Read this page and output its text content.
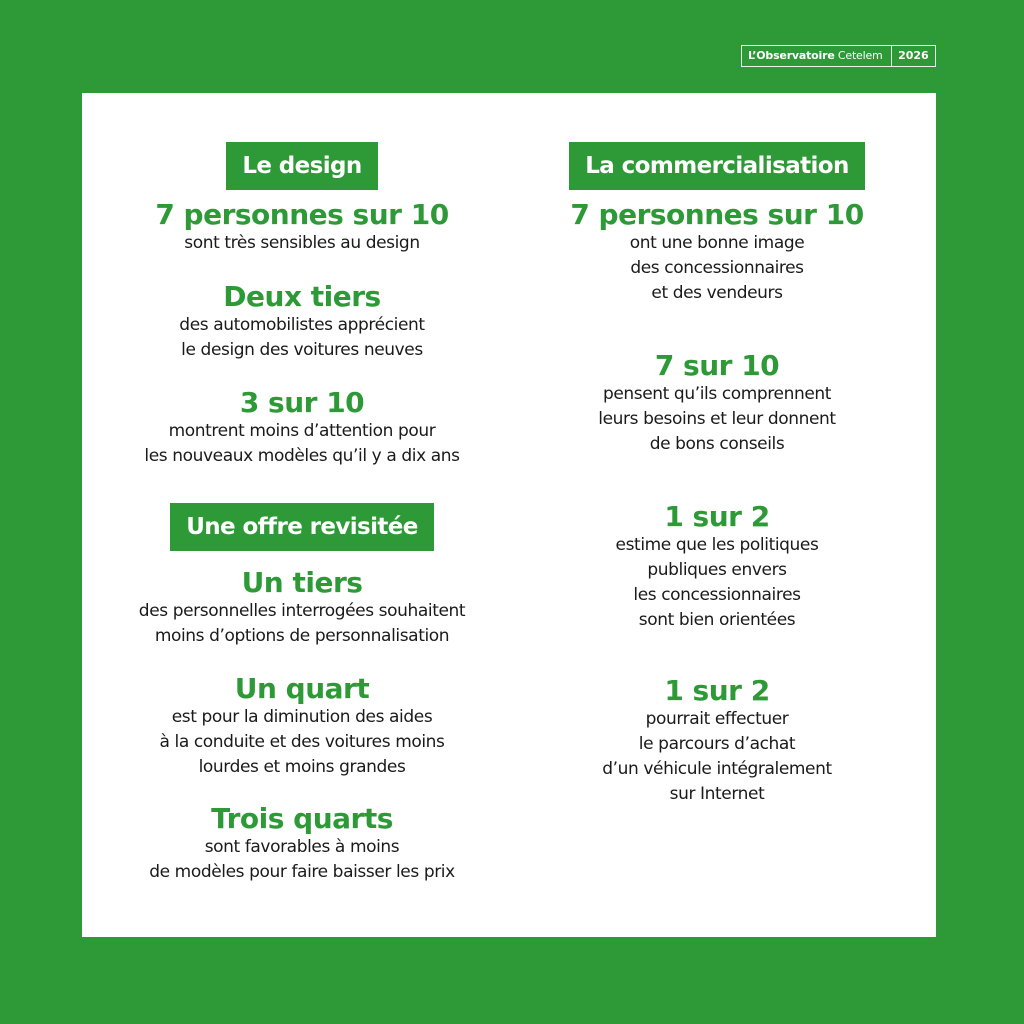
L’Observatoire Cetelem	2026
Le design
7 personnes sur 10
sont très sensibles au design
Deux tiers
des automobilistes apprécient
le design des voitures neuves
3 sur 10
montrent moins d’attention pour
les nouveaux modèles qu’il y a dix ans
Une offre revisitée
Un tiers
des personnelles interrogées souhaitent
moins d’options de personnalisation
Un quart
est pour la diminution des aides
à la conduite et des voitures moins
lourdes et moins grandes
Trois quarts
sont favorables à moins
de modèles pour faire baisser les prix
La commercialisation
7 personnes sur 10
ont une bonne image
des concessionnaires
et des vendeurs
7 sur 10
pensent qu’ils comprennent
leurs besoins et leur donnent
de bons conseils
1 sur 2
estime que les politiques
publiques envers
les concessionnaires
sont bien orientées
1 sur 2
pourrait effectuer
le parcours d’achat
d’un véhicule intégralement
sur Internet
